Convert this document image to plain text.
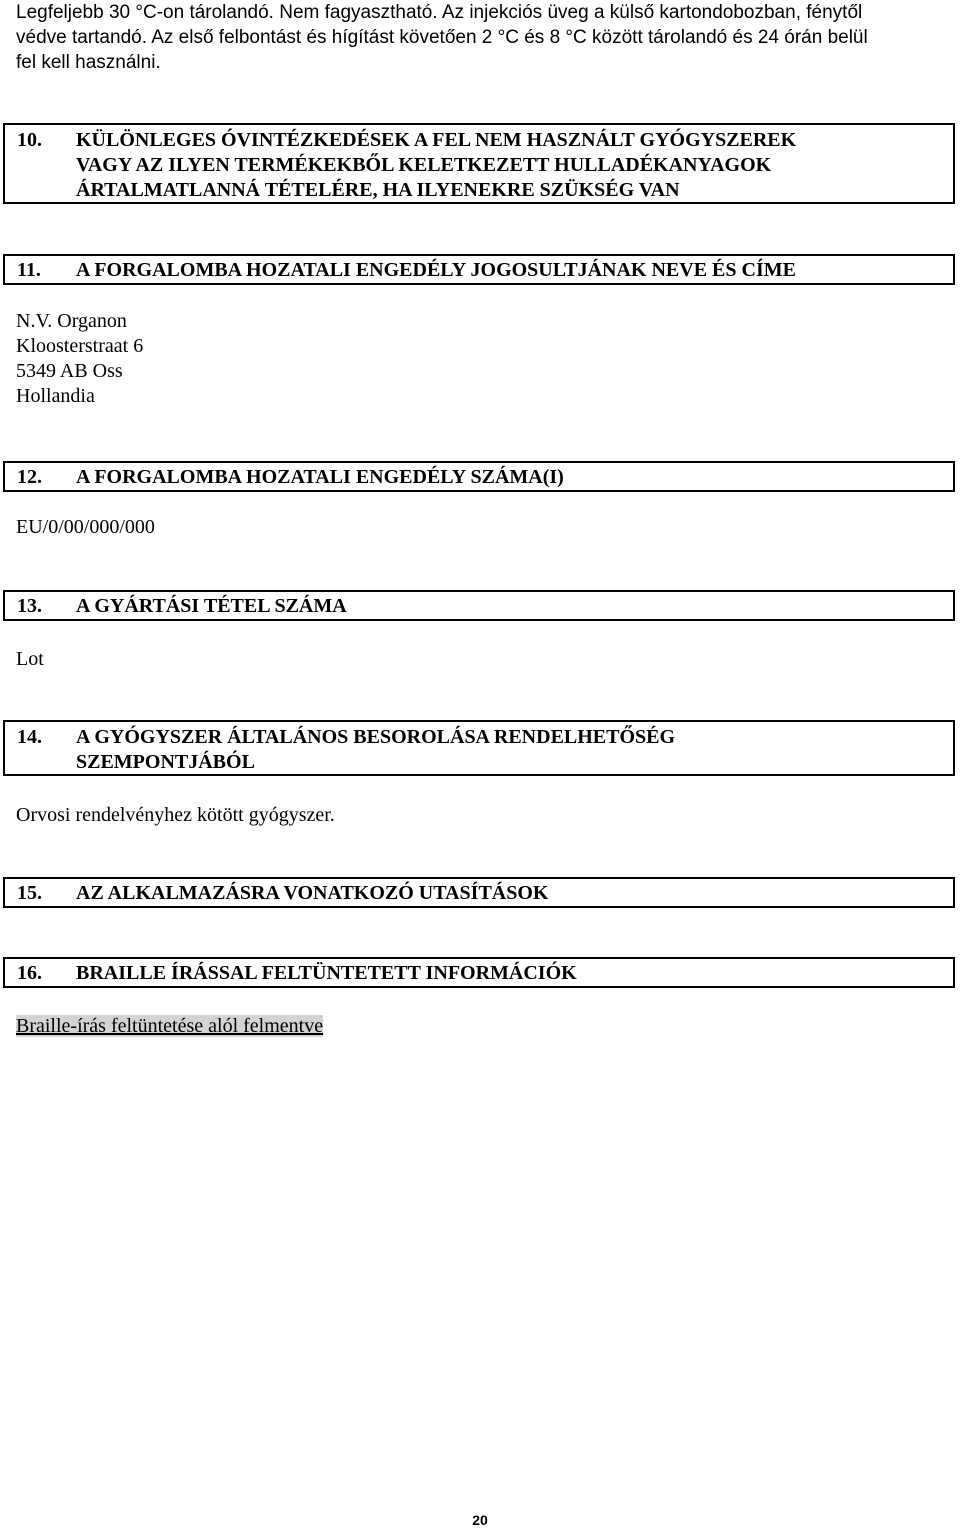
Legfeljebb 30 °C-on tárolandó. Nem fagyasztható. Az injekciós üveg a külső kartondobozban, fénytől
védve tartandó. Az első felbontást és hígítást követően 2 °C és 8 °C között tárolandó és 24 órán belül
fel kell használni.
10. KÜLÖNLEGES ÓVINTÉZKEDÉSEK A FEL NEM HASZNÁLT GYÓGYSZEREK
VAGY AZ ILYEN TERMÉKEKBŐL KELETKEZETT HULLADÉKANYAGOK
ÁRTALMATLANNÁ TÉTELÉRE, HA ILYENEKRE SZÜKSÉG VAN
11. A FORGALOMBA HOZATALI ENGEDÉLY JOGOSULTJÁNAK NEVE ÉS CÍME
N.V. Organon
Kloosterstraat 6
5349 AB Oss
Hollandia
12. A FORGALOMBA HOZATALI ENGEDÉLY SZÁMA(I)
EU/0/00/000/000
13. A GYÁRTÁSI TÉTEL SZÁMA
Lot
14. A GYÓGYSZER ÁLTALÁNOS BESOROLÁSA RENDELHETŐSÉG
SZEMPONTJÁBÓL
Orvosi rendelvényhez kötött gyógyszer.
15. AZ ALKALMAZÁSRA VONATKOZÓ UTASÍTÁSOK
16. BRAILLE ÍRÁSSAL FELTÜNTETETT INFORMÁCIÓK
Braille-írás feltüntetése alól felmentve
20
